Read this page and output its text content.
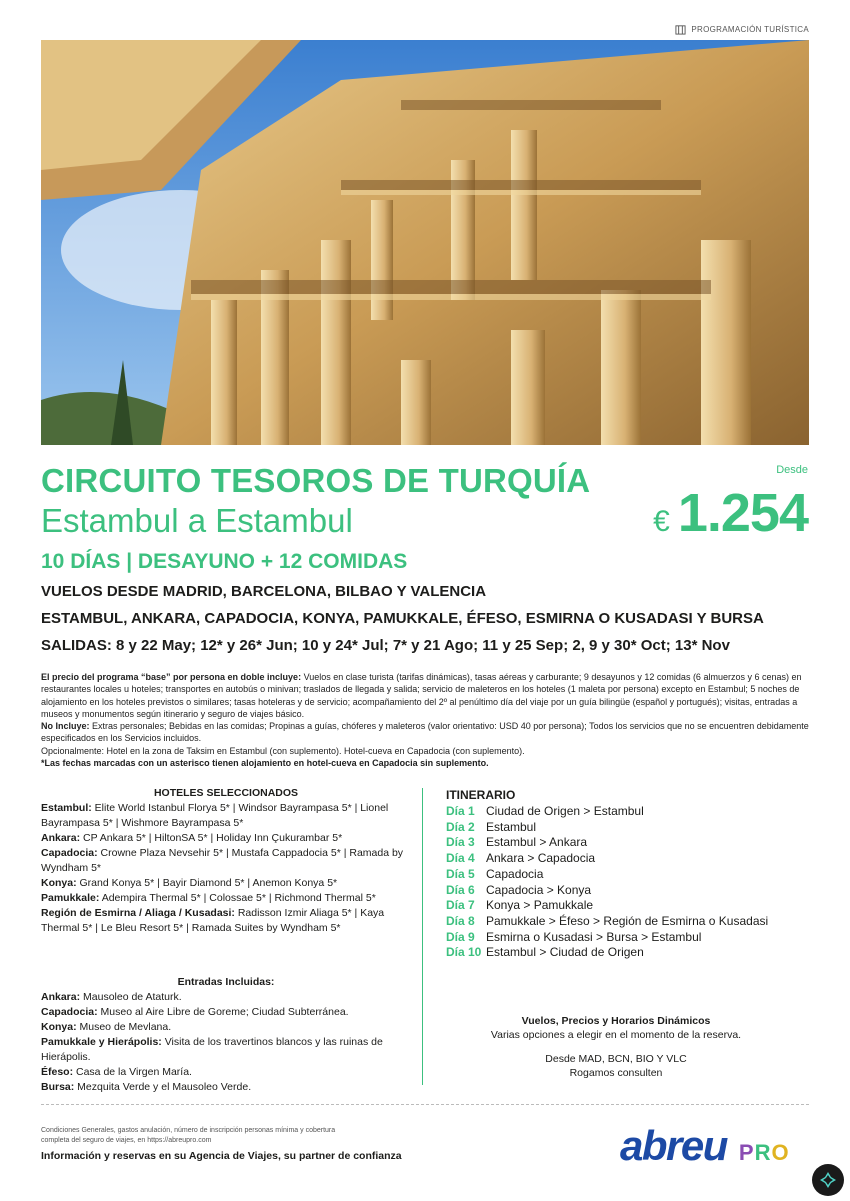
PROGRAMACIÓN TURÍSTICA
CIRCUITO TESOROS DE TURQUÍA
Estambul a Estambul
Desde
€ 1.254
10 DÍAS | DESAYUNO + 12 COMIDAS
VUELOS DESDE MADRID, BARCELONA, BILBAO Y VALENCIA
ESTAMBUL, ANKARA, CAPADOCIA, KONYA, PAMUKKALE, ÉFESO, ESMIRNA O KUSADASI Y BURSA
SALIDAS: 8 y 22 May; 12* y 26* Jun; 10 y 24* Jul; 7* y 21 Ago; 11 y 25 Sep; 2, 9 y 30* Oct; 13* Nov

El precio del programa “base” por persona en doble incluye: Vuelos en clase turista (tarifas dinámicas), tasas aéreas y carburante; 9 desayunos y 12 comidas (6 almuerzos y 6 cenas) en restaurantes locales u hoteles; transportes en autobús o minivan; traslados de llegada y salida; servicio de maleteros en los hoteles (1 maleta por persona) excepto en Estambul; 5 noches de alojamiento en los hoteles previstos o similares; tasas hoteleras y de servicio; acompañamiento del 2º al penúltimo día del viaje por un guía bilingüe (español y portugués); visitas, entradas a museos y monumentos según itinerario y seguro de viajes básico.

No Incluye: Extras personales; Bebidas en las comidas; Propinas a guías, chóferes y maleteros (valor orientativo: USD 40 por persona); Todos los servicios que no se encuentren debidamente especificados en los Servicios incluidos.

Opcionalmente: Hotel en la zona de Taksim en Estambul (con suplemento). Hotel-cueva en Capadocia (con suplemento).

*Las fechas marcadas con un asterisco tienen alojamiento en hotel-cueva en Capadocia sin suplemento.

HOTELES SELECCIONADOS
Estambul: Elite World Istanbul Florya 5* | Windsor Bayrampasa 5* | Lionel Bayrampasa 5* | Wishmore Bayrampasa 5*
Ankara: CP Ankara 5* | HiltonSA 5* | Holiday Inn Çukurambar 5*
Capadocia: Crowne Plaza Nevsehir 5* | Mustafa Cappadocia 5* | Ramada by Wyndham 5*
Konya: Grand Konya 5* | Bayir Diamond 5* | Anemon Konya 5*
Pamukkale: Adempira Thermal 5* | Colossae 5* | Richmond Thermal 5*
Región de Esmirna / Aliaga / Kusadasi: Radisson Izmir Aliaga 5* | Kaya Thermal 5* | Le Bleu Resort 5* | Ramada Suites by Wyndham 5*
Entradas Incluidas:
Ankara: Mausoleo de Ataturk.
Capadocia: Museo al Aire Libre de Goreme; Ciudad Subterránea.
Konya: Museo de Mevlana.
Pamukkale y Hierápolis: Visita de los travertinos blancos y las ruinas de Hierápolis.
Éfeso: Casa de la Virgen María.
Bursa: Mezquita Verde y el Mausoleo Verde.
ITINERARIO
Día 1 Ciudad de Origen > Estambul
Día 2 Estambul
Día 3 Estambul > Ankara
Día 4 Ankara > Capadocia
Día 5 Capadocia
Día 6 Capadocia > Konya
Día 7 Konya > Pamukkale
Día 8 Pamukkale > Éfeso > Región de Esmirna o Kusadasi
Día 9 Esmirna o Kusadasi > Bursa > Estambul
Día 10 Estambul > Ciudad de Origen
Vuelos, Precios y Horarios Dinámicos
Varias opciones a elegir en el momento de la reserva.
Desde MAD, BCN, BIO Y VLC
Rogamos consulten
Condiciones Generales, gastos anulación, número de inscripción personas mínima y cobertura completa del seguro de viajes, en https://abreupro.com
Información y reservas en su Agencia de Viajes, su partner de confianza	abreu PRO
